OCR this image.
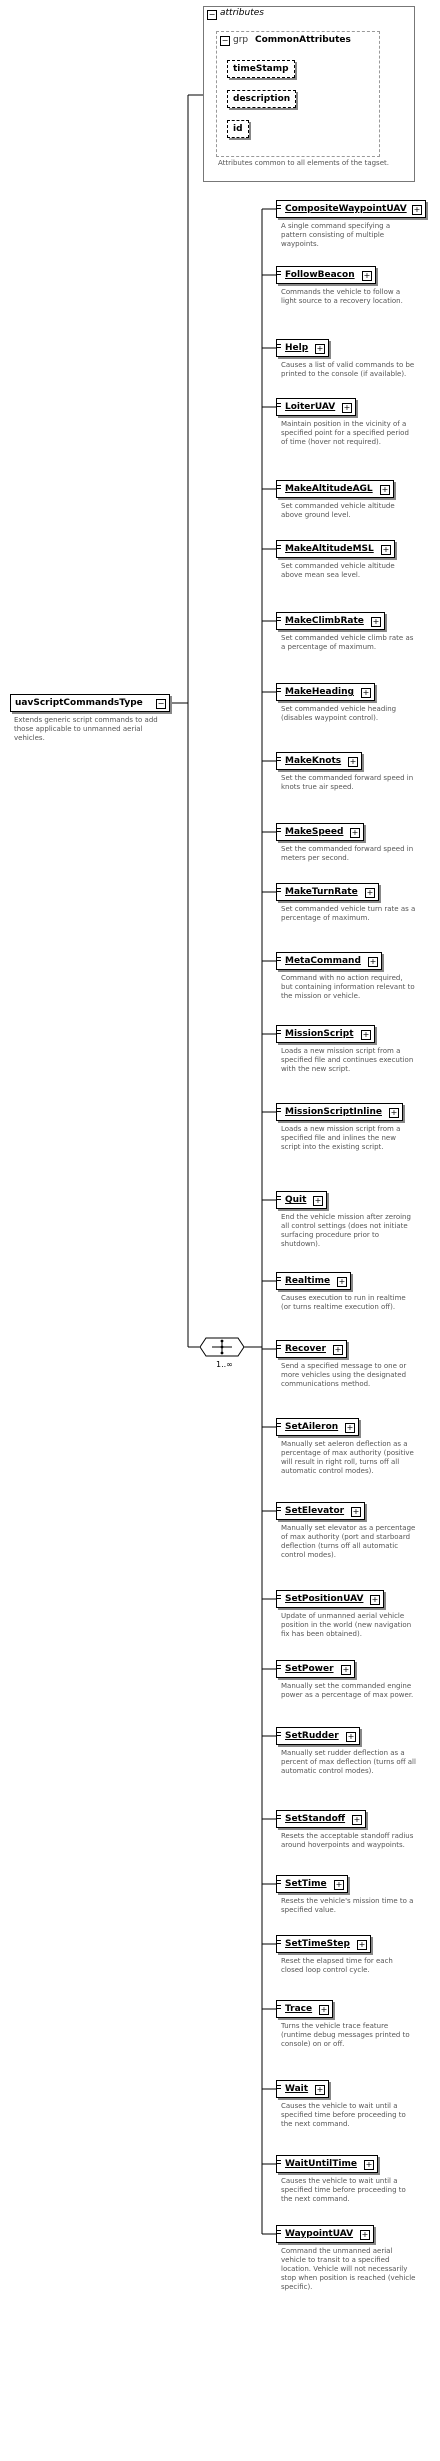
− attributes
− grp CommonAttributes
timeStamp
description
id
Attributes common to all elements of the tagset.
uavScriptCommandsType −
Extends generic script commands to add those applicable to unmanned aerial vehicles.
1..∞
CompositeWaypointUAV +
A single command specifying a pattern consisting of multiple waypoints.
FollowBeacon +
Commands the vehicle to follow a light source to a recovery location.
Help +
Causes a list of valid commands to be printed to the console (if available).
LoiterUAV +
Maintain position in the vicinity of a specified point for a specified period of time (hover not required).
MakeAltitudeAGL +
Set commanded vehicle altitude above ground level.
MakeAltitudeMSL +
Set commanded vehicle altitude above mean sea level.
MakeClimbRate +
Set commanded vehicle climb rate as a percentage of maximum.
MakeHeading +
Set commanded vehicle heading (disables waypoint control).
MakeKnots +
Set the commanded forward speed in knots true air speed.
MakeSpeed +
Set the commanded forward speed in meters per second.
MakeTurnRate +
Set commanded vehicle turn rate as a percentage of maximum.
MetaCommand +
Command with no action required, but containing information relevant to the mission or vehicle.
MissionScript +
Loads a new mission script from a specified file and continues execution with the new script.
MissionScriptInline +
Loads a new mission script from a specified file and inlines the new script into the existing script.
Quit +
End the vehicle mission after zeroing all control settings (does not initiate surfacing procedure prior to shutdown).
Realtime +
Causes execution to run in realtime (or turns realtime execution off).
Recover +
Send a specified message to one or more vehicles using the designated communications method.
SetAileron +
Manually set aeleron deflection as a percentage of max authority (positive will result in right roll, turns off all automatic control modes).
SetElevator +
Manually set elevator as a percentage of max authority (port and starboard deflection (turns off all automatic control modes).
SetPositionUAV +
Update of unmanned aerial vehicle position in the world (new navigation fix has been obtained).
SetPower +
Manually set the commanded engine power as a percentage of max power.
SetRudder +
Manually set rudder deflection as a percent of max deflection (turns off all automatic control modes).
SetStandoff +
Resets the acceptable standoff radius around hoverpoints and waypoints.
SetTime +
Resets the vehicle's mission time to a specified value.
SetTimeStep +
Reset the elapsed time for each closed loop control cycle.
Trace +
Turns the vehicle trace feature (runtime debug messages printed to console) on or off.
Wait +
Causes the vehicle to wait until a specified time before proceeding to the next command.
WaitUntilTime +
Causes the vehicle to wait until a specified time before proceeding to the next command.
WaypointUAV +
Command the unmanned aerial vehicle to transit to a specified location. Vehicle will not necessarily stop when position is reached (vehicle specific).
